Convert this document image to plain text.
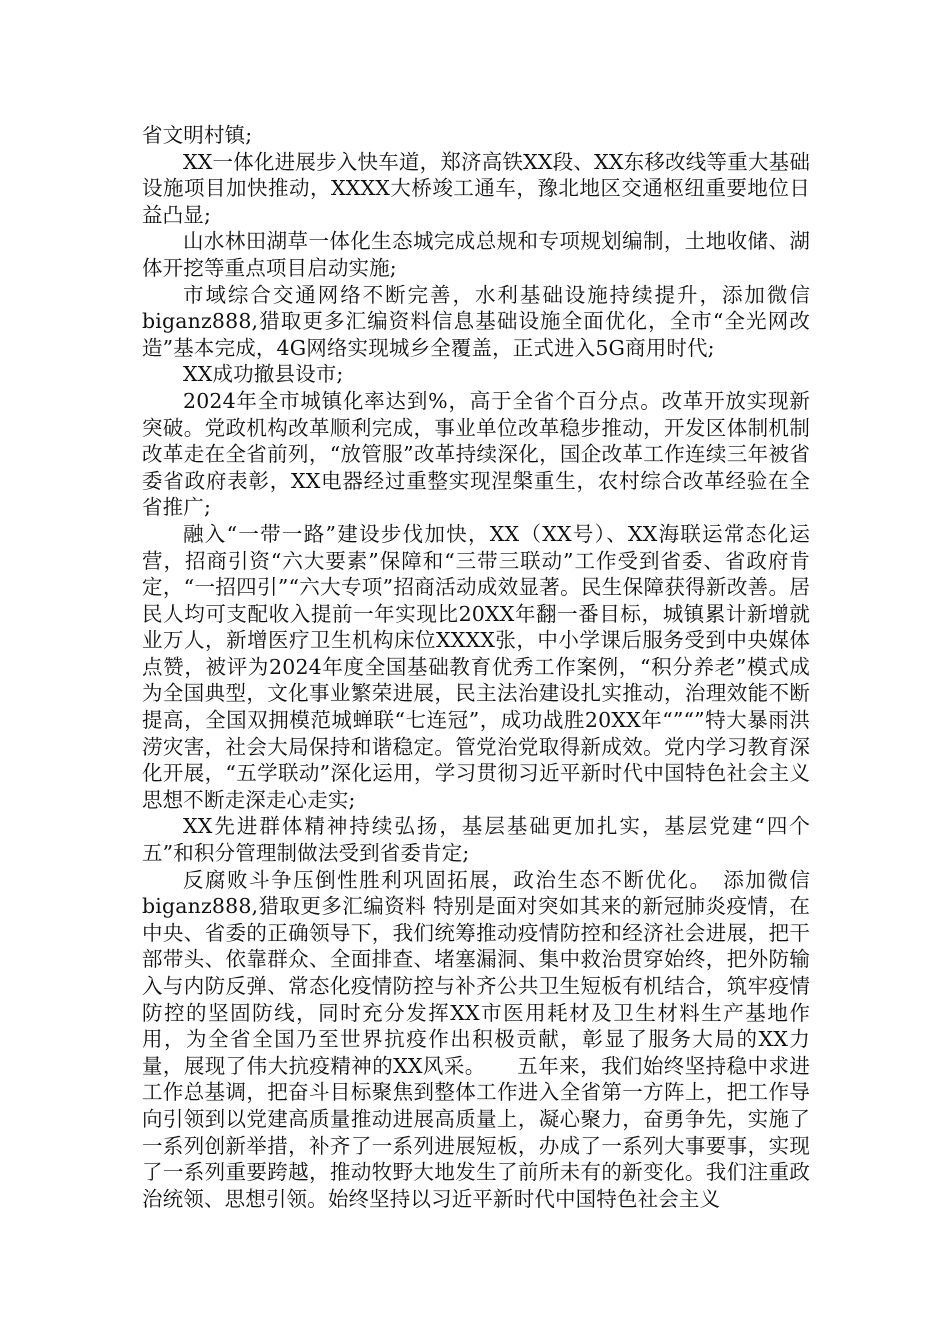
省文明村镇;

XX一体化进展步入快车道，郑济高铁XX段、XX东移改线等重大基础设施项目加快推动，XXXX大桥竣工通车，豫北地区交通枢纽重要地位日益凸显;

山水林田湖草一体化生态城完成总规和专项规划编制，土地收储、湖体开挖等重点项目启动实施;

市域综合交通网络不断完善，水利基础设施持续提升，添加微信biganz888,猎取更多汇编资料信息基础设施全面优化，全市“全光网改造”基本完成，4G网络实现城乡全覆盖，正式进入5G商用时代;

XX成功撤县设市;

2024年全市城镇化率达到%，高于全省个百分点。改革开放实现新突破。党政机构改革顺利完成，事业单位改革稳步推动，开发区体制机制改革走在全省前列，“放管服”改革持续深化，国企改革工作连续三年被省委省政府表彰，XX电器经过重整实现涅槃重生，农村综合改革经验在全省推广;

融入“一带一路”建设步伐加快，XX（XX号）、XX海联运常态化运营，招商引资“六大要素”保障和“三带三联动”工作受到省委、省政府肯定，“一招四引”“六大专项”招商活动成效显著。民生保障获得新改善。居民人均可支配收入提前一年实现比20XX年翻一番目标，城镇累计新增就业万人，新增医疗卫生机构床位XXXX张，中小学课后服务受到中央媒体点赞，被评为2024年度全国基础教育优秀工作案例，“积分养老”模式成为全国典型，文化事业繁荣进展，民主法治建设扎实推动，治理效能不断提高，全国双拥模范城蝉联“七连冠”，成功战胜20XX年“”“”特大暴雨洪涝灾害，社会大局保持和谐稳定。管党治党取得新成效。党内学习教育深化开展，“五学联动”深化运用，学习贯彻习近平新时代中国特色社会主义思想不断走深走心走实;

XX先进群体精神持续弘扬，基层基础更加扎实，基层党建“四个五”和积分管理制做法受到省委肯定;

反腐败斗争压倒性胜利巩固拓展，政治生态不断优化。　添加微信biganz888,猎取更多汇编资料 特别是面对突如其来的新冠肺炎疫情，在中央、省委的正确领导下，我们统筹推动疫情防控和经济社会进展，把干部带头、依靠群众、全面排查、堵塞漏洞、集中救治贯穿始终，把外防输入与内防反弹、常态化疫情防控与补齐公共卫生短板有机结合，筑牢疫情防控的坚固防线，同时充分发挥XX市医用耗材及卫生材料生产基地作用，为全省全国乃至世界抗疫作出积极贡献，彰显了服务大局的XX力量，展现了伟大抗疫精神的XX风采。　　五年来，我们始终坚持稳中求进工作总基调，把奋斗目标聚焦到整体工作进入全省第一方阵上，把工作导向引领到以党建高质量推动进展高质量上，凝心聚力，奋勇争先，实施了一系列创新举措，补齐了一系列进展短板，办成了一系列大事要事，实现了一系列重要跨越，推动牧野大地发生了前所未有的新变化。我们注重政治统领、思想引领。始终坚持以习近平新时代中国特色社会主义
